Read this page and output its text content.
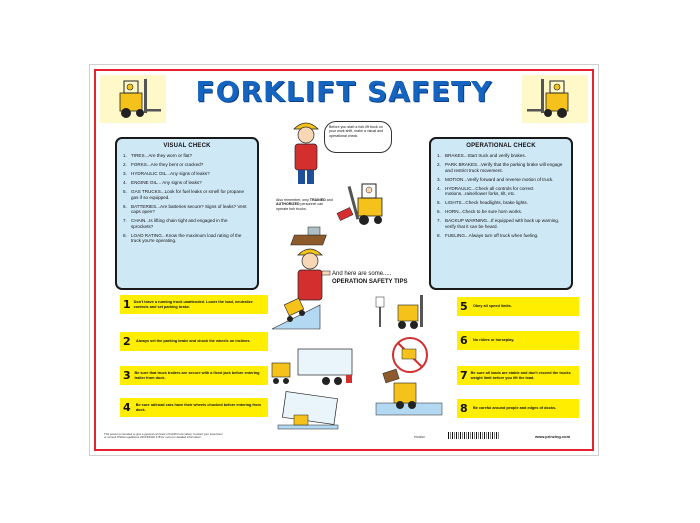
FORKLIFT SAFETY
VISUAL CHECK
1. TIRES...Are they worn or flat?
2. FORKS...Are they bent or cracked?
3. HYDRAULIC OIL...Any signs of leaks?
4. ENGINE OIL... Any signs of leaks?
5. GAS TRUCKS...Look for fuel leaks or smell for propane gas if so equipped.
6. BATTERIES...Are batteries secure? Signs of leaks? Vent caps open?
7. CHAIN...Is lifting chain tight and engaged in the sprockets?
8. LOAD RATING...Know the maximum load rating of the truck you're operating.
OPERATIONAL CHECK
1. BRAKES...Start truck and verify brakes.
2. PARK BRAKES...Verify that the parking brake will engage and restrict truck movement.
3. MOTION...Verify forward and reverse motion of truck.
4. HYDRAULIC...Check all controls for correct motions...raise/lower forks, tilt, etc.
5. LIGHTS...Check headlights, brake lights.
6. HORN...Check to be sure horn works.
7. BACKUP WARNING...If equipped with back up warning, verify that it can be heard.
8. FUELING...Always turn off truck when fueling.
Before you start a fork lift truck on your work shift, make a visual and operational check.
Also remember, only TRAINED and AUTHORIZED personnel can operate fork trucks.
And here are some.....
OPERATION SAFETY TIPS
1 Don't leave a running truck unattended. Lower the load, neutralize controls and set parking brake.
2	Always set the parking brake and chock the wheels on inclines.
3 Be sure that truck trailers are secure with a fixed jack before entering trailer from dock.
4	Be sure railroad cars have their wheels chocked before entering from dock.
5	Obey all speed limits.
6	No riders or horseplay.
7 Be sure all loads are stable and don't exceed the trucks weight limit before you lift the load.
8	Be careful around people and edges of docks.
This poster is intended to give a general overview of forklift truck safety. Contact your supervisor or consult OSHA regulations 29CFR1910.178 for more for detailed information.	PS3993	www.prinzing.com
